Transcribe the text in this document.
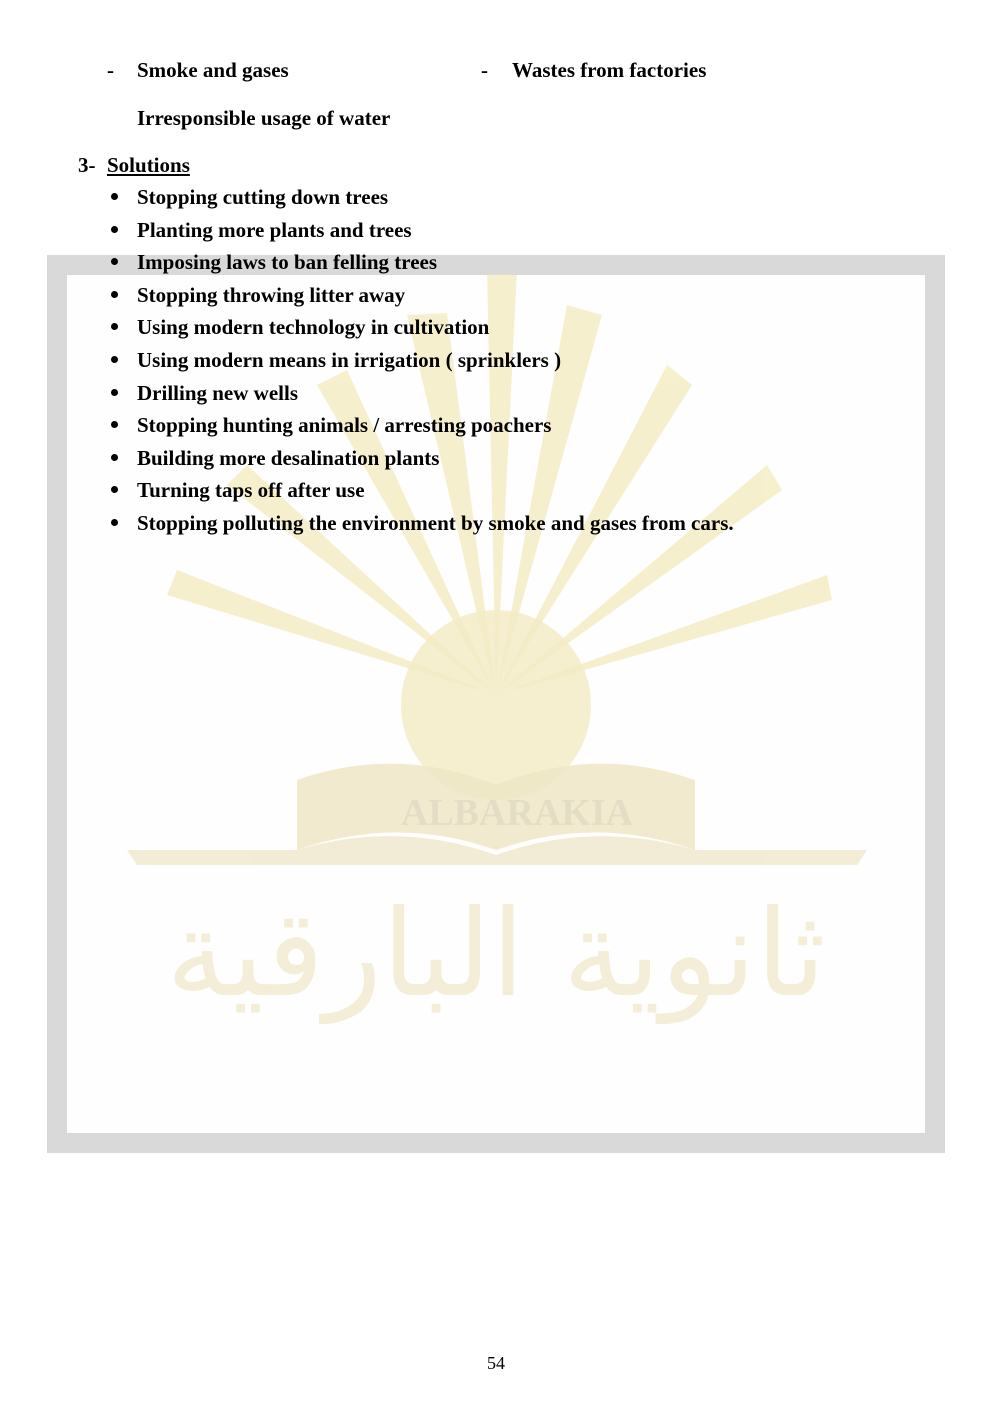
ALBARAKIA
ثانوية البارقية
- Smoke and gases	- Wastes from factories
Irresponsible usage of water
3- Solutions
Stopping cutting down trees
Planting more plants and trees
Imposing laws to ban felling trees
Stopping throwing litter away
Using modern technology in cultivation
Using modern means in irrigation ( sprinklers )
Drilling new wells
Stopping hunting animals / arresting poachers
Building more desalination plants
Turning taps off after use
Stopping polluting the environment by smoke and gases from cars.
54
